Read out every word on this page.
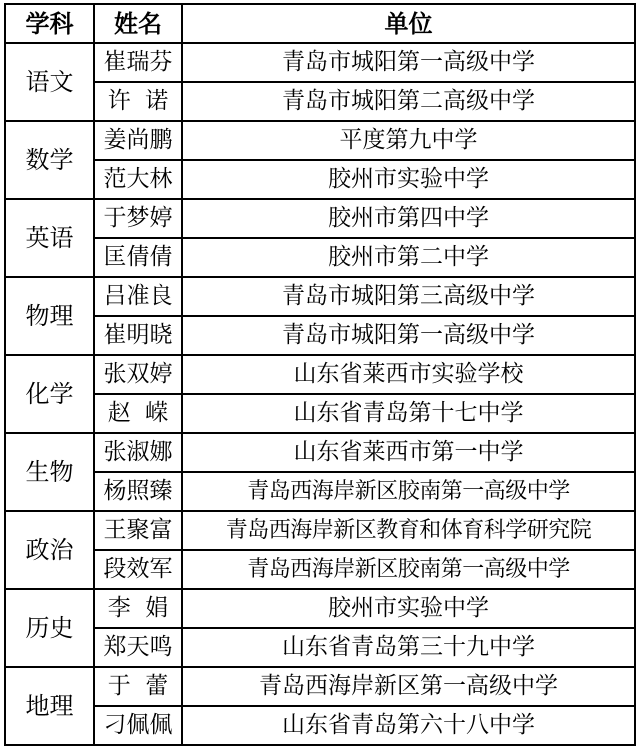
学科	姓名	单位
语文	崔瑞芬	青岛市城阳第一高级中学
	许  诺	青岛市城阳第二高级中学
数学	姜尚鹏	平度第九中学
	范大林	胶州市实验中学
英语	于梦婷	胶州市第四中学
	匡倩倩	胶州市第二中学
物理	吕准良	青岛市城阳第三高级中学
	崔明晓	青岛市城阳第一高级中学
化学	张双婷	山东省莱西市实验学校
	赵  嵘	山东省青岛第十七中学
生物	张淑娜	山东省莱西市第一中学
	杨照臻	青岛西海岸新区胶南第一高级中学
政治	王聚富	青岛西海岸新区教育和体育科学研究院
	段效军	青岛西海岸新区胶南第一高级中学
历史	李  娟	胶州市实验中学
	郑天鸣	山东省青岛第三十九中学
地理	于  蕾	青岛西海岸新区第一高级中学
	刁佩佩	山东省青岛第六十八中学
